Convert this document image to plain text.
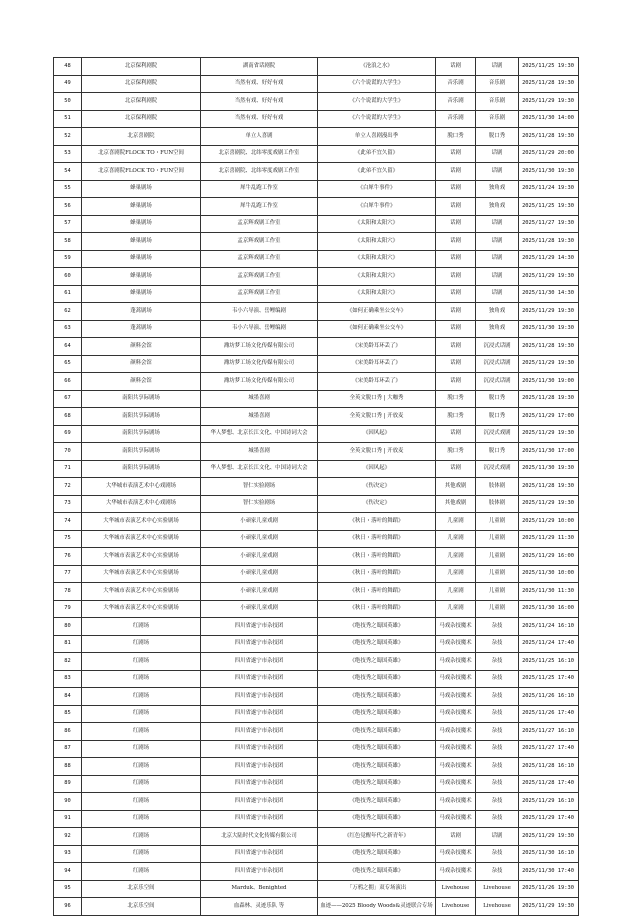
48	北京保利剧院	湖南省话剧院	《沧浪之水》	话剧	话剧	2025/11/25 19:30
49	北京保利剧院	当然有戏、好好有戏	《六个说谎的大学生》	音乐剧	音乐剧	2025/11/28 19:30
50	北京保利剧院	当然有戏、好好有戏	《六个说谎的大学生》	音乐剧	音乐剧	2025/11/29 19:30
51	北京保利剧院	当然有戏、好好有戏	《六个说谎的大学生》	音乐剧	音乐剧	2025/11/30 14:00
52	北京喜剧院	单立人喜剧	单立人喜剧漫出季	脱口秀	脱口秀	2025/11/28 19:30
53	北京喜剧院FLOCK TO・FUN空间	北京喜剧院、北纬零度戏剧工作室	《此弟不宜久留》	话剧	话剧	2025/11/29 20:00
54	北京喜剧院FLOCK TO・FUN空间	北京喜剧院、北纬零度戏剧工作室	《此弟不宜久留》	话剧	话剧	2025/11/30 19:30
55	蜂巢剧场	犀牛乱跑工作室	《白犀牛事件》	话剧	独角戏	2025/11/24 19:30
56	蜂巢剧场	犀牛乱跑工作室	《白犀牛事件》	话剧	独角戏	2025/11/25 19:30
57	蜂巢剧场	孟京辉戏剧工作室	《太阳和太阳穴》	话剧	话剧	2025/11/27 19:30
58	蜂巢剧场	孟京辉戏剧工作室	《太阳和太阳穴》	话剧	话剧	2025/11/28 19:30
59	蜂巢剧场	孟京辉戏剧工作室	《太阳和太阳穴》	话剧	话剧	2025/11/29 14:30
60	蜂巢剧场	孟京辉戏剧工作室	《太阳和太阳穴》	话剧	话剧	2025/11/29 19:30
61	蜂巢剧场	孟京辉戏剧工作室	《太阳和太阳穴》	话剧	话剧	2025/11/30 14:30
62	蓬蒿剧场	韦小六导演、岳鲤编剧	《如何正确乘坐公交车》	话剧	独角戏	2025/11/29 19:30
63	蓬蒿剧场	韦小六导演、岳鲤编剧	《如何正确乘坐公交车》	话剧	独角戏	2025/11/30 19:30
64	颜料会馆	潍坊梦工场文化传媒有限公司	《宋美龄耳环丢了》	话剧	沉浸式话剧	2025/11/28 19:30
65	颜料会馆	潍坊梦工场文化传媒有限公司	《宋美龄耳环丢了》	话剧	沉浸式话剧	2025/11/29 19:30
66	颜料会馆	潍坊梦工场文化传媒有限公司	《宋美龄耳环丢了》	话剧	沉浸式话剧	2025/11/30 19:00
67	南阳共享际剧场	城墨喜剧	全英文脱口秀 | 大咖秀	脱口秀	脱口秀	2025/11/28 19:30
68	南阳共享际剧场	城墨喜剧	全英文脱口秀 | 开放麦	脱口秀	脱口秀	2025/11/29 17:00
69	南阳共享际剧场	华人梦想、北京长江文化、中国诗词大会	《因风起》	话剧	沉浸式戏剧	2025/11/29 19:30
70	南阳共享际剧场	城墨喜剧	全英文脱口秀 | 开放麦	脱口秀	脱口秀	2025/11/30 17:00
71	南阳共享际剧场	华人梦想、北京长江文化、中国诗词大会	《因风起》	话剧	沉浸式戏剧	2025/11/30 19:30
72	大华城市表演艺术中心戏剧场	智仁实验剧场	《伤决定》	其他戏剧	肢体剧	2025/11/28 19:30
73	大华城市表演艺术中心戏剧场	智仁实验剧场	《伤决定》	其他戏剧	肢体剧	2025/11/29 19:30
74	大华城市表演艺术中心实验剧场	小顽家儿童戏剧	《秋日・落叶的舞蹈》	儿童剧	儿童剧	2025/11/29 10:00
75	大华城市表演艺术中心实验剧场	小顽家儿童戏剧	《秋日・落叶的舞蹈》	儿童剧	儿童剧	2025/11/29 11:30
76	大华城市表演艺术中心实验剧场	小顽家儿童戏剧	《秋日・落叶的舞蹈》	儿童剧	儿童剧	2025/11/29 16:00
77	大华城市表演艺术中心实验剧场	小顽家儿童戏剧	《秋日・落叶的舞蹈》	儿童剧	儿童剧	2025/11/30 10:00
78	大华城市表演艺术中心实验剧场	小顽家儿童戏剧	《秋日・落叶的舞蹈》	儿童剧	儿童剧	2025/11/30 11:30
79	大华城市表演艺术中心实验剧场	小顽家儿童戏剧	《秋日・落叶的舞蹈》	儿童剧	儿童剧	2025/11/30 16:00
80	红剧场	四川省遂宁市杂技团	《绝技秀之蜀国英雄》	马戏杂技魔术	杂技	2025/11/24 16:10
81	红剧场	四川省遂宁市杂技团	《绝技秀之蜀国英雄》	马戏杂技魔术	杂技	2025/11/24 17:40
82	红剧场	四川省遂宁市杂技团	《绝技秀之蜀国英雄》	马戏杂技魔术	杂技	2025/11/25 16:10
83	红剧场	四川省遂宁市杂技团	《绝技秀之蜀国英雄》	马戏杂技魔术	杂技	2025/11/25 17:40
84	红剧场	四川省遂宁市杂技团	《绝技秀之蜀国英雄》	马戏杂技魔术	杂技	2025/11/26 16:10
85	红剧场	四川省遂宁市杂技团	《绝技秀之蜀国英雄》	马戏杂技魔术	杂技	2025/11/26 17:40
86	红剧场	四川省遂宁市杂技团	《绝技秀之蜀国英雄》	马戏杂技魔术	杂技	2025/11/27 16:10
87	红剧场	四川省遂宁市杂技团	《绝技秀之蜀国英雄》	马戏杂技魔术	杂技	2025/11/27 17:40
88	红剧场	四川省遂宁市杂技团	《绝技秀之蜀国英雄》	马戏杂技魔术	杂技	2025/11/28 16:10
89	红剧场	四川省遂宁市杂技团	《绝技秀之蜀国英雄》	马戏杂技魔术	杂技	2025/11/28 17:40
90	红剧场	四川省遂宁市杂技团	《绝技秀之蜀国英雄》	马戏杂技魔术	杂技	2025/11/29 16:10
91	红剧场	四川省遂宁市杂技团	《绝技秀之蜀国英雄》	马戏杂技魔术	杂技	2025/11/29 17:40
92	红剧场	北京大陆时代文化传媒有限公司	《红色觉醒年代之新青年》	话剧	话剧	2025/11/29 19:30
93	红剧场	四川省遂宁市杂技团	《绝技秀之蜀国英雄》	马戏杂技魔术	杂技	2025/11/30 16:10
94	红剧场	四川省遂宁市杂技团	《绝技秀之蜀国英雄》	马戏杂技魔术	杂技	2025/11/30 17:40
95	北京乐空间	Marduk、Benighted	「万鸦之拥」双专场演出	Livehouse	Livehouse	2025/11/26 19:30
96	北京乐空间	血森林、灵迹乐队 等	血迹——2025 Bloody Woods&灵迹联合专场	Livehouse	Livehouse	2025/11/29 19:30
